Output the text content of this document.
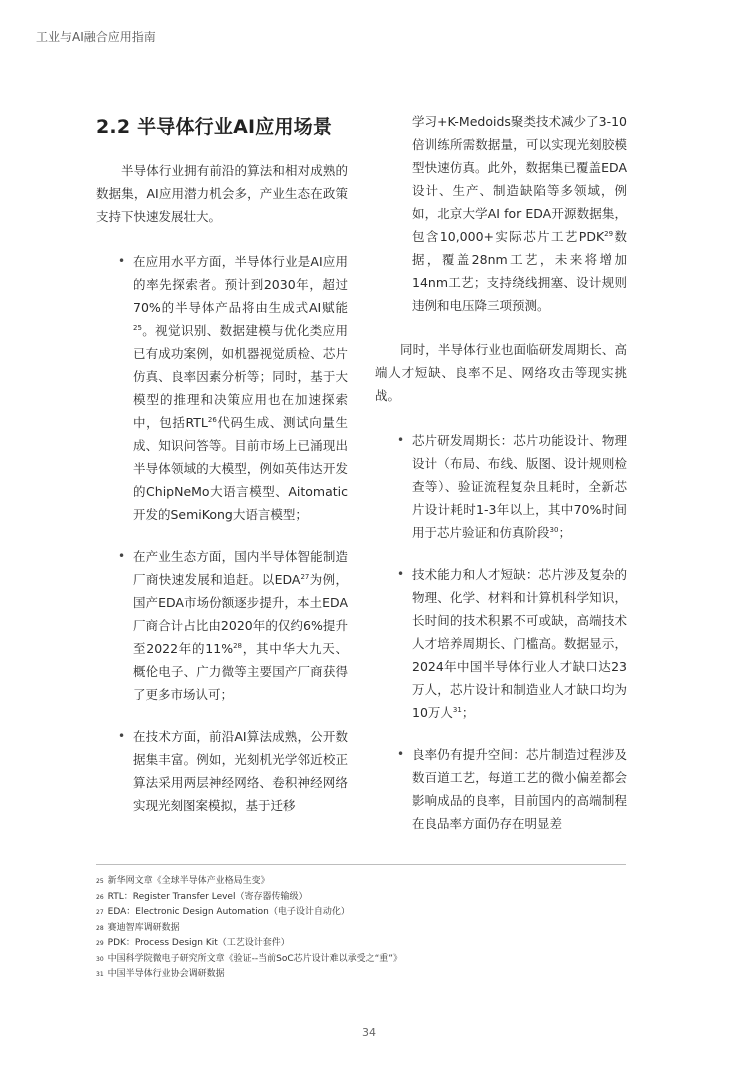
工业与AI融合应用指南
2.2 半导体行业AI应用场景

半导体行业拥有前沿的算法和相对成熟的数据集，AI应用潜力机会多，产业生态在政策支持下快速发展壮大。

• 在应用水平方面，半导体行业是AI应用的率先探索者。预计到2030年，超过70%的半导体产品将由生成式AI赋能$^{25}$。视觉识别、数据建模与优化类应用已有成功案例，如机器视觉质检、芯片仿真、良率因素分析等；同时，基于大模型的推理和决策应用也在加速探索中，包括RTL$^{26}$代码生成、测试向量生成、知识问答等。目前市场上已涌现出半导体领域的大模型，例如英伟达开发的ChipNeMo大语言模型、Aitomatic开发的SemiKong大语言模型；
• 在产业生态方面，国内半导体智能制造厂商快速发展和追赶。以EDA$^{27}$为例，国产EDA市场份额逐步提升，本土EDA厂商合计占比由2020年的仅约6%提升至2022年的11%$^{28}$，其中华大九天、概伦电子、广力微等主要国产厂商获得了更多市场认可；
• 在技术方面，前沿AI算法成熟，公开数据集丰富。例如，光刻机光学邻近校正算法采用两层神经网络、卷积神经网络实现光刻图案模拟，基于迁移

学习+K-Medoids聚类技术减少了3-10倍训练所需数据量，可以实现光刻胶模型快速仿真。此外，数据集已覆盖EDA设计、生产、制造缺陷等多领域，例如，北京大学AI for EDA开源数据集，包含10,000+实际芯片工艺PDK$^{29}$数据，覆盖28nm工艺，未来将增加14nm工艺；支持绕线拥塞、设计规则违例和电压降三项预测。

同时，半导体行业也面临研发周期长、高端人才短缺、良率不足、网络攻击等现实挑战。

• 芯片研发周期长：芯片功能设计、物理设计（布局、布线、版图、设计规则检查等）、验证流程复杂且耗时，全新芯片设计耗时1-3年以上，其中70%时间用于芯片验证和仿真阶段$^{30}$；
• 技术能力和人才短缺：芯片涉及复杂的物理、化学、材料和计算机科学知识，长时间的技术积累不可或缺，高端技术人才培养周期长、门槛高。数据显示，2024年中国半导体行业人才缺口达23万人，芯片设计和制造业人才缺口均为10万人$^{31}$；
• 良率仍有提升空间：芯片制造过程涉及数百道工艺，每道工艺的微小偏差都会影响成品的良率，目前国内的高端制程在良品率方面仍存在明显差
$^{25}$ 新华网文章《全球半导体产业格局生变》
$^{26}$ RTL：Register Transfer Level（寄存器传输级）
$^{27}$ EDA：Electronic Design Automation（电子设计自动化）
$^{28}$ 赛迪智库调研数据
$^{29}$ PDK：Process Design Kit（工艺设计套件）
$^{30}$ 中国科学院微电子研究所文章《验证--当前SoC芯片设计难以承受之“重”》
$^{31}$ 中国半导体行业协会调研数据
34
